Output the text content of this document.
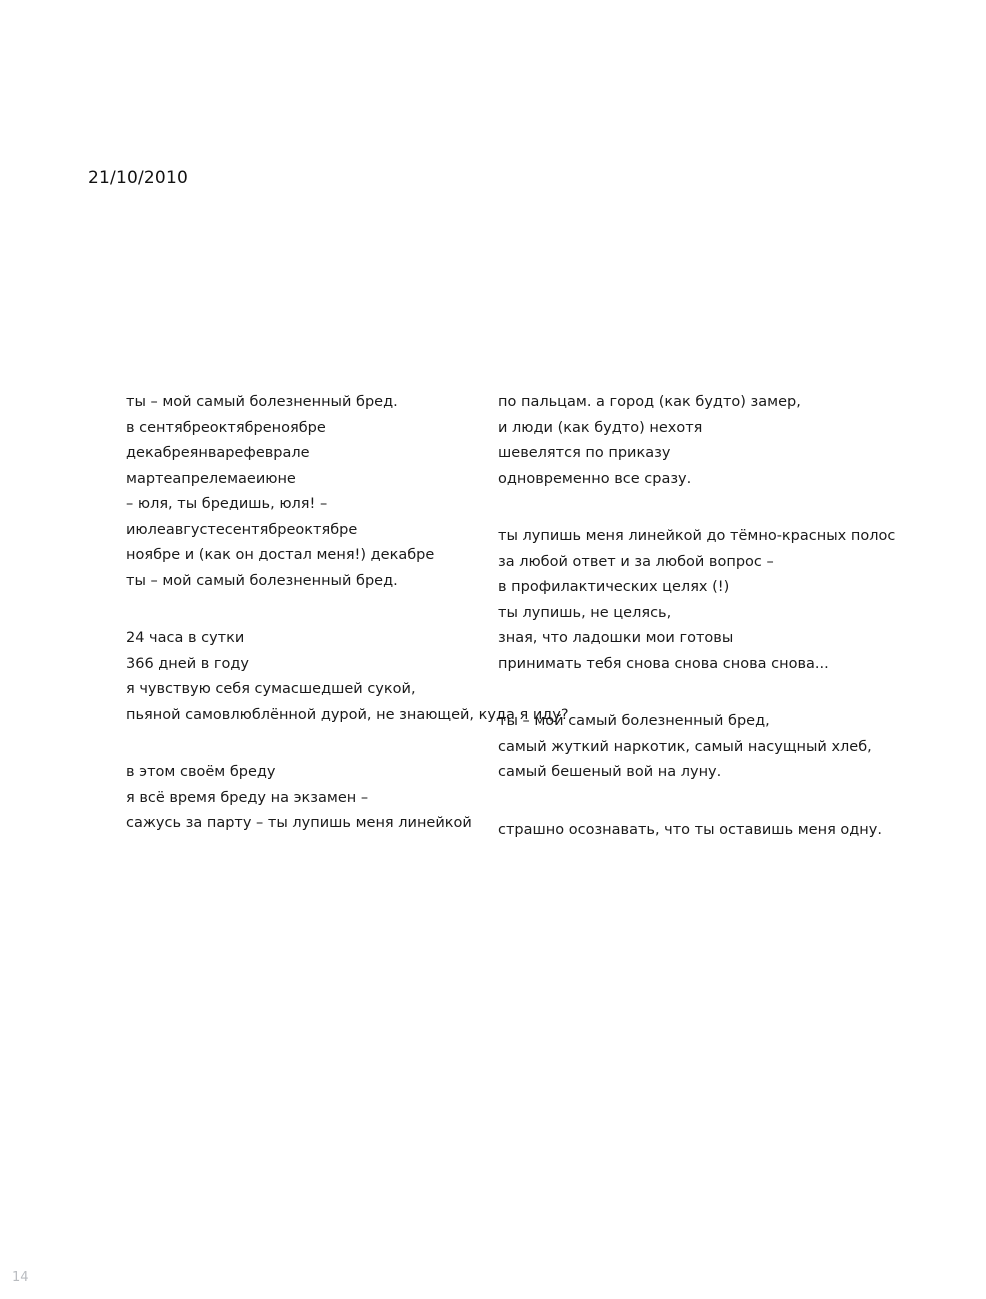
21/10/2010
ты – мой самый болезненный бред.
в сентябреоктябреноябре
декабреянварефеврале
мартеапрелемаеиюне
– юля, ты бредишь, юля! –
июлеавгустесентябреоктябре
ноябре и (как он достал меня!) декабре
ты – мой самый болезненный бред.
24 часа в сутки
366 дней в году
я чувствую себя сумасшедшей сукой,
пьяной самовлюблённой дурой, не знающей, куда я иду?
в этом своём бреду
я всё время бреду на экзамен –
сажусь за парту – ты лупишь меня линейкой
по пальцам. а город (как будто) замер,
и люди (как будто) нехотя
шевелятся по приказу
одновременно все сразу.
ты лупишь меня линейкой до тёмно-красных полос
за любой ответ и за любой вопрос –
в профилактических целях (!)
ты лупишь, не целясь,
зная, что ладошки мои готовы
принимать тебя снова снова снова снова...
ты – мой самый болезненный бред,
самый жуткий наркотик, самый насущный хлеб,
самый бешеный вой на луну.
страшно осознавать, что ты оставишь меня одну.
14
